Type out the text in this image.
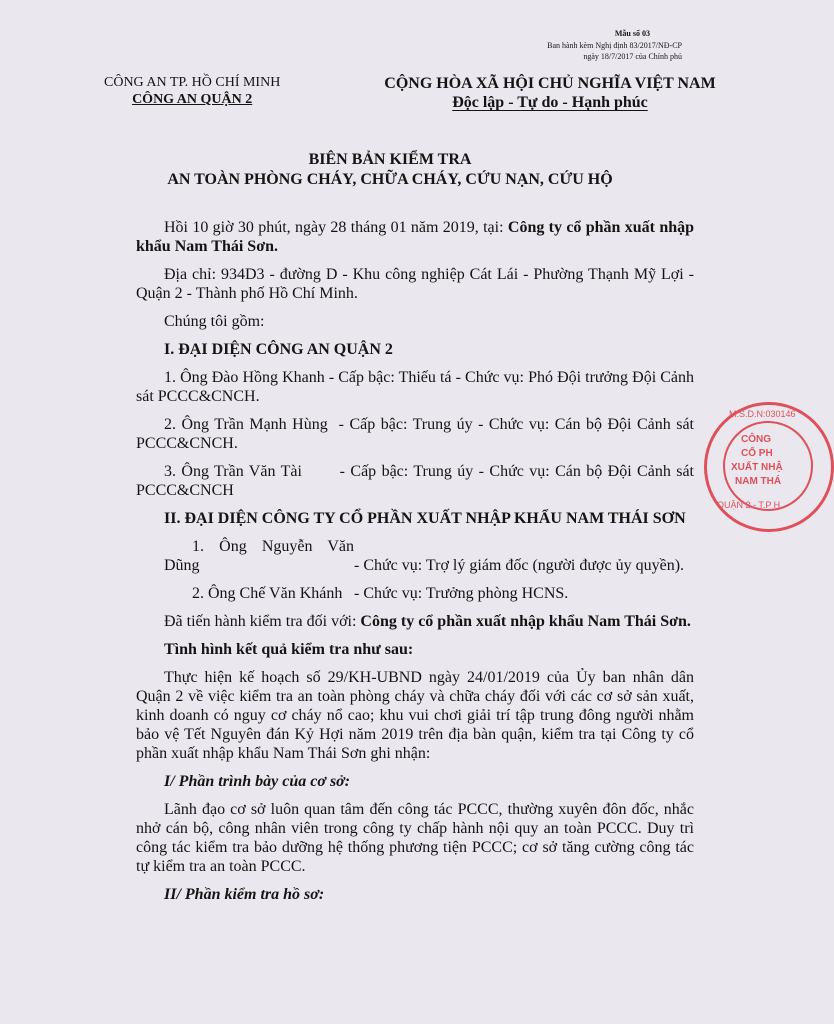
Mẫu số 03
Ban hành kèm Nghị định 83/2017/NĐ-CP
ngày 18/7/2017 của Chính phủ
CÔNG AN TP. HỒ CHÍ MINH
CÔNG AN QUẬN 2
CỘNG HÒA XÃ HỘI CHỦ NGHĨA VIỆT NAM
Độc lập - Tự do - Hạnh phúc
BIÊN BẢN KIỂM TRA
AN TOÀN PHÒNG CHÁY, CHỮA CHÁY, CỨU NẠN, CỨU HỘ

Hồi 10 giờ 30 phút, ngày 28 tháng 01 năm 2019, tại: Công ty cổ phần xuất nhập khẩu Nam Thái Sơn.

Địa chỉ: 934D3 - đường D - Khu công nghiệp Cát Lái - Phường Thạnh Mỹ Lợi - Quận 2 - Thành phố Hồ Chí Minh.

Chúng tôi gồm:

I. ĐẠI DIỆN CÔNG AN QUẬN 2

1. Ông Đào Hồng Khanh - Cấp bậc: Thiếu tá - Chức vụ: Phó Đội trưởng Đội Cảnh sát PCCC&CNCH.

2. Ông Trần Mạnh Hùng  - Cấp bậc: Trung úy - Chức vụ: Cán bộ Đội Cảnh sát PCCC&CNCH.

3. Ông Trần Văn Tài       - Cấp bậc: Trung úy - Chức vụ: Cán bộ Đội Cảnh sát PCCC&CNCH

II. ĐẠI DIỆN CÔNG TY CỔ PHẦN XUẤT NHẬP KHẨU NAM THÁI SƠN

1. Ông Nguyễn Văn Dũng	- Chức vụ: Trợ lý giám đốc (người được ủy quyền).

2. Ông Chế Văn Khánh - Chức vụ: Trưởng phòng HCNS.

Đã tiến hành kiểm tra đối với: Công ty cổ phần xuất nhập khẩu Nam Thái Sơn.

Tình hình kết quả kiểm tra như sau:

Thực hiện kế hoạch số 29/KH-UBND ngày 24/01/2019 của Ủy ban nhân dân Quận 2 về việc kiểm tra an toàn phòng cháy và chữa cháy đối với các cơ sở sản xuất, kinh doanh có nguy cơ cháy nổ cao; khu vui chơi giải trí tập trung đông người nhằm bảo vệ Tết Nguyên đán Kỷ Hợi năm 2019 trên địa bàn quận, kiểm tra tại Công ty cổ phần xuất nhập khẩu Nam Thái Sơn ghi nhận:

I/ Phần trình bày của cơ sở:

Lãnh đạo cơ sở luôn quan tâm đến công tác PCCC, thường xuyên đôn đốc, nhắc nhở cán bộ, công nhân viên trong công ty chấp hành nội quy an toàn PCCC. Duy trì công tác kiểm tra bảo dưỡng hệ thống phương tiện PCCC; cơ sở tăng cường công tác tự kiểm tra an toàn PCCC.

II/ Phần kiểm tra hồ sơ:

M.S.D.N:030146
CÔNG
CỔ PH
XUẤT NHẬ
NAM THÁ
QUẬN 2 - T.P H
